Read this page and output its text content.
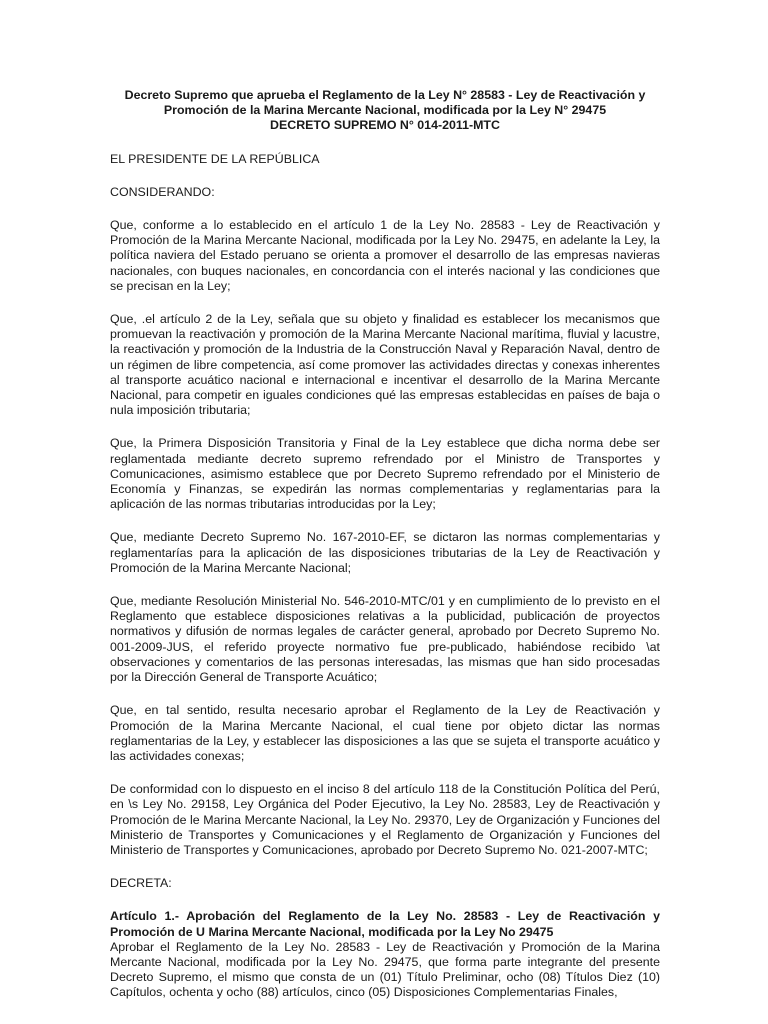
Decreto Supremo que aprueba el Reglamento de la Ley N° 28583 - Ley de Reactivación y
Promoción de la Marina Mercante Nacional, modificada por la Ley N° 29475
DECRETO SUPREMO N° 014-2011-MTC

EL PRESIDENTE DE LA REPÚBLICA

CONSIDERANDO:

Que, conforme a lo establecido en el artículo 1 de la Ley No. 28583 - Ley de Reactivación y Promoción de la Marina Mercante Nacional, modificada por la Ley No. 29475, en adelante la Ley, la política naviera del Estado peruano se orienta a promover el desarrollo de las empresas navieras nacionales, con buques nacionales, en concordancia con el interés nacional y las condiciones que se precisan en la Ley;

Que, .el artículo 2 de la Ley, señala que su objeto y finalidad es establecer los mecanismos que promuevan la reactivación y promoción de la Marina Mercante Nacional marítima, fluvial y lacustre, la reactivación y promoción de la Industria de la Construcción Naval y Reparación Naval, dentro de un régimen de libre competencia, así come promover las actividades directas y conexas inherentes al transporte acuático nacional e internacional e incentivar el desarrollo de la Marina Mercante Nacional, para competir en iguales condiciones qué las empresas establecidas en países de baja o nula imposición tributaria;

Que, la Primera Disposición Transitoria y Final de la Ley establece que dicha norma debe ser reglamentada mediante decreto supremo refrendado por el Ministro de Transportes y Comunicaciones, asimismo establece que por Decreto Supremo refrendado por el Ministerio de Economía y Finanzas, se expedirán las normas complementarias y reglamentarias para la aplicación de las normas tributarias introducidas por la Ley;

Que, mediante Decreto Supremo No. 167-2010-EF, se dictaron las normas complementarias y reglamentarías para la aplicación de las disposiciones tributarias de la Ley de Reactivación y Promoción de la Marina Mercante Nacional;

Que, mediante Resolución Ministerial No. 546-2010-MTC/01 y en cumplimiento de lo previsto en el Reglamento que establece disposiciones relativas a la publicidad, publicación de proyectos normativos y difusión de normas legales de carácter general, aprobado por Decreto Supremo No. 001-2009-JUS, el referido proyecte normativo fue pre-publicado, habiéndose recibido \at observaciones y comentarios de las personas interesadas, las mismas que han sido procesadas por la Dirección General de Transporte Acuático;

Que, en tal sentido, resulta necesario aprobar el Reglamento de la Ley de Reactivación y Promoción de la Marina Mercante Nacional, el cual tiene por objeto dictar las normas reglamentarias de la Ley, y establecer las disposiciones a las que se sujeta el transporte acuático y las actividades conexas;

De conformidad con lo dispuesto en el inciso 8 del artículo 118 de la Constitución Política del Perú, en \s Ley No. 29158, Ley Orgánica del Poder Ejecutivo, la Ley No. 28583, Ley de Reactivación y Promoción de le Marina Mercante Nacional, la Ley No. 29370, Ley de Organización y Funciones del Ministerio de Transportes y Comunicaciones y el Reglamento de Organización y Funciones del Ministerio de Transportes y Comunicaciones, aprobado por Decreto Supremo No. 021-2007-MTC;

DECRETA:

Artículo 1.- Aprobación del Reglamento de la Ley No. 28583 - Ley de Reactivación y Promoción de U Marina Mercante Nacional, modificada por la Ley No 29475

Aprobar el Reglamento de la Ley No. 28583 - Ley de Reactivación y Promoción de la Marina Mercante Nacional, modificada por la Ley No. 29475, que forma parte integrante del presente Decreto Supremo, el mismo que consta de un (01) Título Preliminar, ocho (08) Títulos Diez (10) Capítulos, ochenta y ocho (88) artículos, cinco (05) Disposiciones Complementarias Finales,
